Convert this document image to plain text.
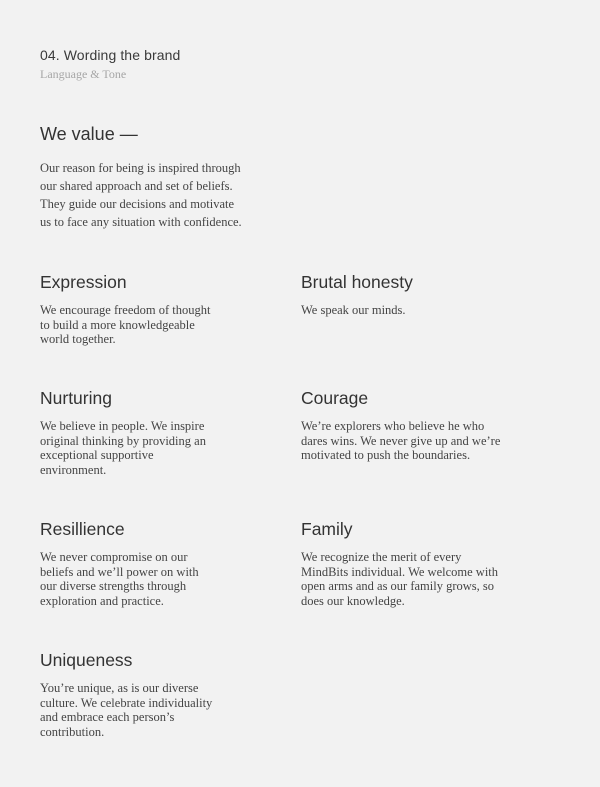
04. Wording the brand
Language & Tone
We value —
Our reason for being is inspired through
our shared approach and set of beliefs.
They guide our decisions and motivate
us to face any situation with confidence.
Expression
We encourage freedom of thought
to build a more knowledgeable
world together.
Brutal honesty
We speak our minds.
Nurturing
We believe in people. We inspire
original thinking by providing an
exceptional supportive
environment.
Courage
We’re explorers who believe he who
dares wins. We never give up and we’re
motivated to push the boundaries.
Resillience
We never compromise on our
beliefs and we’ll power on with
our diverse strengths through
exploration and practice.
Family
We recognize the merit of every
MindBits individual. We welcome with
open arms and as our family grows, so
does our knowledge.
Uniqueness
You’re unique, as is our diverse
culture. We celebrate individuality
and embrace each person’s
contribution.
